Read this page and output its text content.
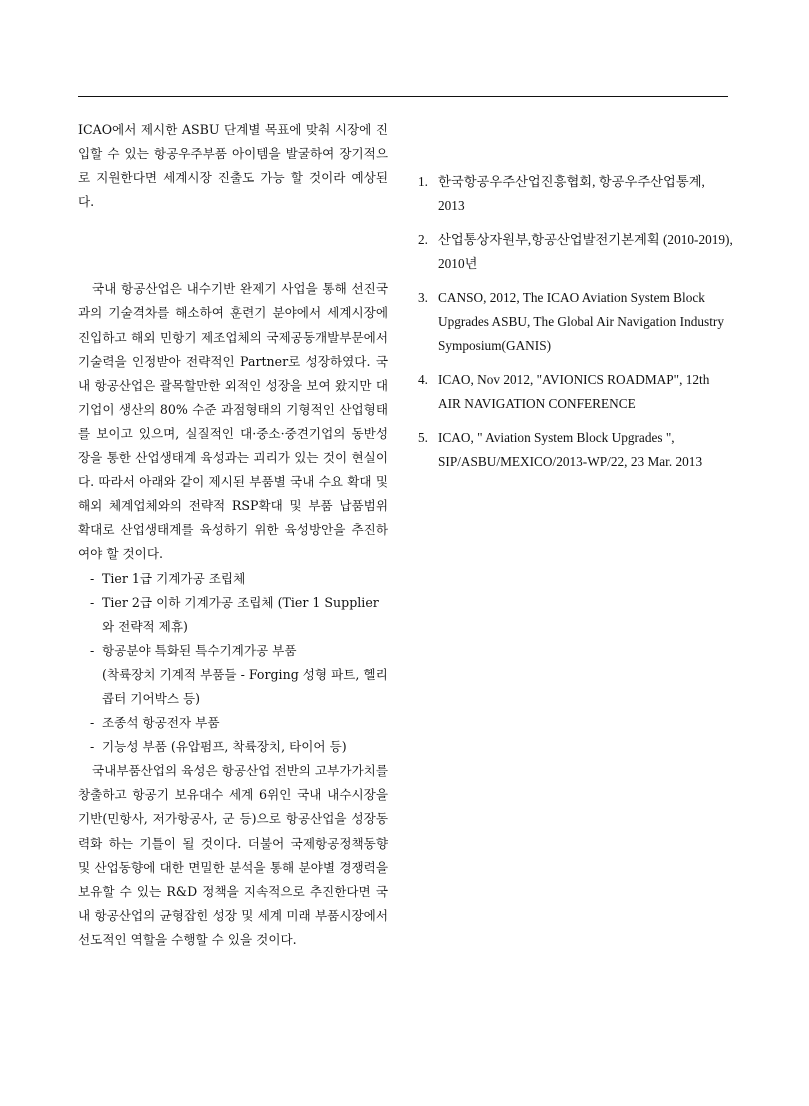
ICAO에서 제시한 ASBU 단계별 목표에 맞춰 시장에 진입할 수 있는 항공우주부품 아이템을 발굴하여 장기적으로 지원한다면 세계시장 진출도 가능 할 것이라 예상된다.

국내 항공산업은 내수기반 완제기 사업을 통해 선진국과의 기술격차를 해소하여 훈련기 분야에서 세계시장에 진입하고 해외 민항기 제조업체의 국제공동개발부문에서 기술력을 인정받아 전략적인 Partner로 성장하였다. 국내 항공산업은 괄목할만한 외적인 성장을 보여 왔지만 대기업이 생산의 80% 수준 과점형태의 기형적인 산업형태를 보이고 있으며, 실질적인 대·중소·중견기업의 동반성장을 통한 산업생태계 육성과는 괴리가 있는 것이 현실이다. 따라서 아래와 같이 제시된 부품별 국내 수요 확대 및 해외 체계업체와의 전략적 RSP확대 및 부품 납품범위 확대로 산업생태계를 육성하기 위한 육성방안을 추진하여야 할 것이다.

- Tier 1급 기계가공 조립체
- Tier 2급 이하 기계가공 조립체 (Tier 1 Supplier 와 전략적 제휴)
- 항공분야 특화된 특수기계가공 부품
(착륙장치 기계적 부품들 - Forging 성형 파트, 헬리콥터 기어박스 등)
- 조종석 항공전자 부품
- 기능성 부품 (유압펌프, 착륙장치, 타이어 등)

국내부품산업의 육성은 항공산업 전반의 고부가가치를 창출하고 항공기 보유대수 세계 6위인 국내 내수시장을 기반(민항사, 저가항공사, 군 등)으로 항공산업을 성장동력화 하는 기틀이 될 것이다. 더불어 국제항공정책동향 및 산업동향에 대한 면밀한 분석을 통해 분야별 경쟁력을 보유할 수 있는 R&D 정책을 지속적으로 추진한다면 국내 항공산업의 균형잡힌 성장 및 세계 미래 부품시장에서 선도적인 역할을 수행할 수 있을 것이다.

1. 한국항공우주산업진흥협회, 항공우주산업통계, 2013
2. 산업통상자원부,항공산업발전기본계획 (2010-2019), 2010년
3. CANSO, 2012, The ICAO Aviation System Block Upgrades ASBU, The Global Air Navigation Industry Symposium(GANIS)
4. ICAO, Nov 2012, "AVIONICS ROADMAP", 12th AIR NAVIGATION CONFERENCE
5. ICAO, " Aviation System Block Upgrades ", SIP/ASBU/MEXICO/2013-WP/22, 23 Mar. 2013
